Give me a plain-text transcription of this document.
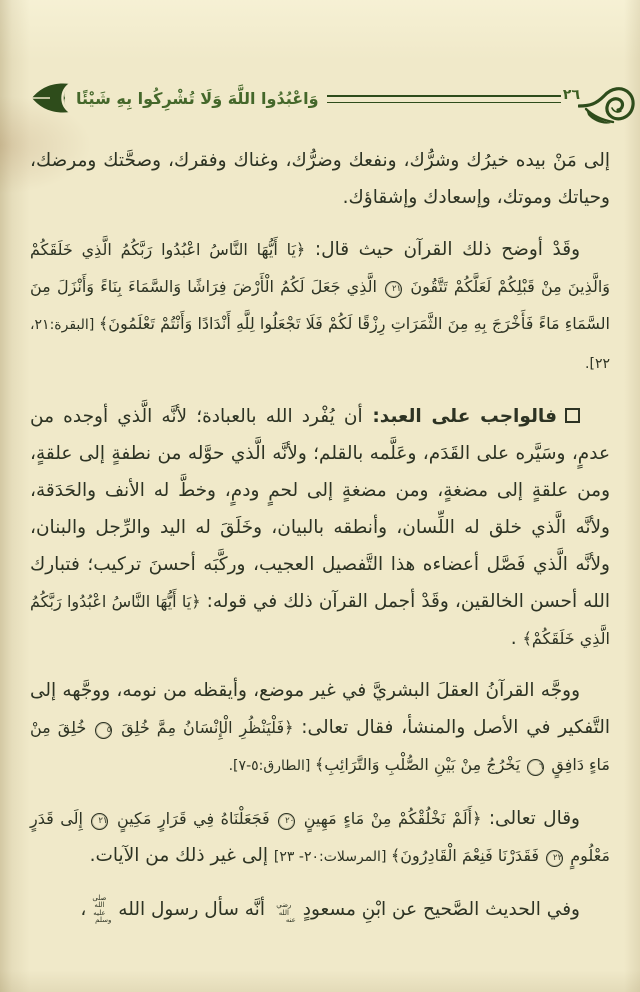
٢٦
وَاعْبُدُوا اللَّهَ وَلَا تُشْرِكُوا بِهِ شَيْئًا

إلى مَنْ بيده خيرُك وشرُّك، ونفعك وضرُّك، وغناك وفقرك، وصحَّتك ومرضك، وحياتك وموتك، وإسعادك وإشقاؤك.

وقَدْ أوضح ذلك القرآن حيث قال: ﴿يَا أَيُّهَا النَّاسُ اعْبُدُوا رَبَّكُمُ الَّذِي خَلَقَكُمْ وَالَّذِينَ مِنْ قَبْلِكُمْ لَعَلَّكُمْ تَتَّقُونَ ٢١ الَّذِي جَعَلَ لَكُمُ الْأَرْضَ فِرَاشًا وَالسَّمَاءَ بِنَاءً وَأَنْزَلَ مِنَ السَّمَاءِ مَاءً فَأَخْرَجَ بِهِ مِنَ الثَّمَرَاتِ رِزْقًا لَكُمْ فَلَا تَجْعَلُوا لِلَّهِ أَنْدَادًا وَأَنْتُمْ تَعْلَمُونَ﴾ [البقرة:٢١، ٢٢].

فالواجب على العبد: أن يُفْرد الله بالعبادة؛ لأنَّه الَّذي أوجده من عدمٍ، وسَيَّره على القَدَم، وعَلَّمه بالقلم؛ ولأنَّه الَّذي حوَّله من نطفةٍ إلى علقةٍ، ومن علقةٍ إلى مضغةٍ، ومن مضغةٍ إلى لحمٍ ودمٍ، وخطَّ له الأنف والحَدَقة، ولأنَّه الَّذي خلق له اللِّسان، وأنطقه بالبيان، وخَلَقَ له اليد والرِّجل والبنان، ولأنَّه الَّذي فَصَّل أعضاءه هذا التَّفصيل العجيب، وركَّبَه أحسنَ تركيب؛ فتبارك الله أحسن الخالقين، وقَدْ أجمل القرآن ذلك في قوله: ﴿يَا أَيُّهَا النَّاسُ اعْبُدُوا رَبَّكُمُ الَّذِي خَلَقَكُمْ﴾ .

ووجَّه القرآنُ العقلَ البشريَّ في غير موضع، وأيقظه من نومه، ووجَّهه إلى التَّفكير في الأصل والمنشأ، فقال تعالى: ﴿فَلْيَنْظُرِ الْإِنْسَانُ مِمَّ خُلِقَ ٥ خُلِقَ مِنْ مَاءٍ دَافِقٍ ٦ يَخْرُجُ مِنْ بَيْنِ الصُّلْبِ وَالتَّرَائِبِ﴾ [الطارق:٥-٧].

وقال تعالى: ﴿أَلَمْ نَخْلُقْكُمْ مِنْ مَاءٍ مَهِينٍ ٢٠ فَجَعَلْنَاهُ فِي قَرَارٍ مَكِينٍ ٢١ إِلَى قَدَرٍ مَعْلُومٍ ٢٢ فَقَدَرْنَا فَنِعْمَ الْقَادِرُونَ﴾ [المرسلات:٢٠- ٢٣] إلى غير ذلك من الآيات.

وفي الحديث الصَّحيح عن ابْنِ مسعودٍ رضي الله عنه أنَّه سأل رسول الله صلى الله عليه وسلم،
